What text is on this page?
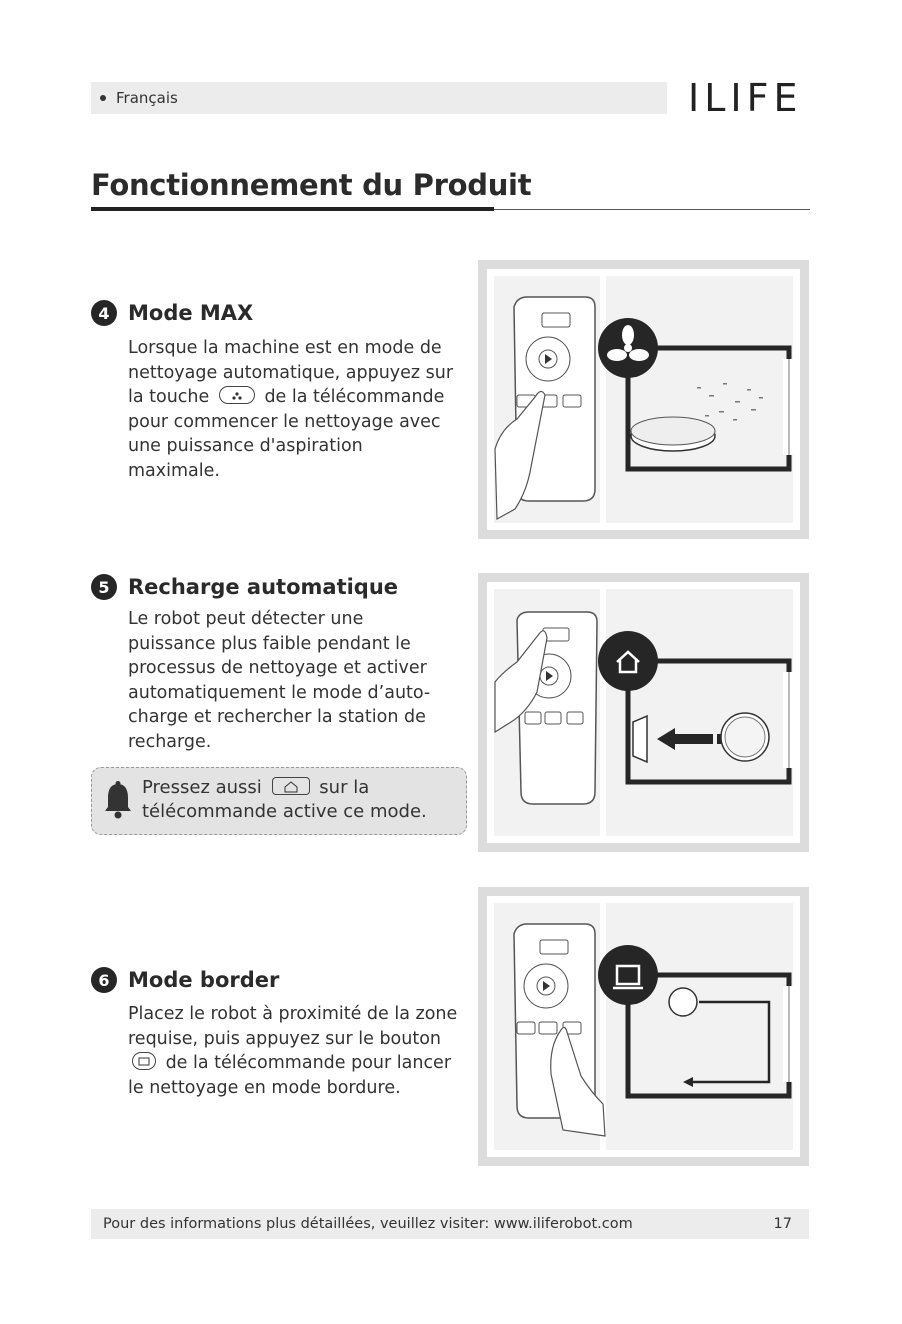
Français	ILIFE
Fonctionnement du Produit
4 Mode MAX
Lorsque la machine est en mode de nettoyage automatique, appuyez sur la touche	de la télécommande pour commencer le nettoyage avec une puissance d'aspiration maximale.
5 Recharge automatique
Le robot peut détecter une puissance plus faible pendant le processus de nettoyage et activer automatiquement le mode d’auto-charge et rechercher la station de recharge.
Pressez aussi	sur la télécommande active ce mode.
6 Mode border
Placez le robot à proximité de la zone requise, puis appuyez sur le bouton  de la télécommande pour lancer le nettoyage en mode bordure.
Pour des informations plus détaillées, veuillez visiter: www.iliferobot.com	17
